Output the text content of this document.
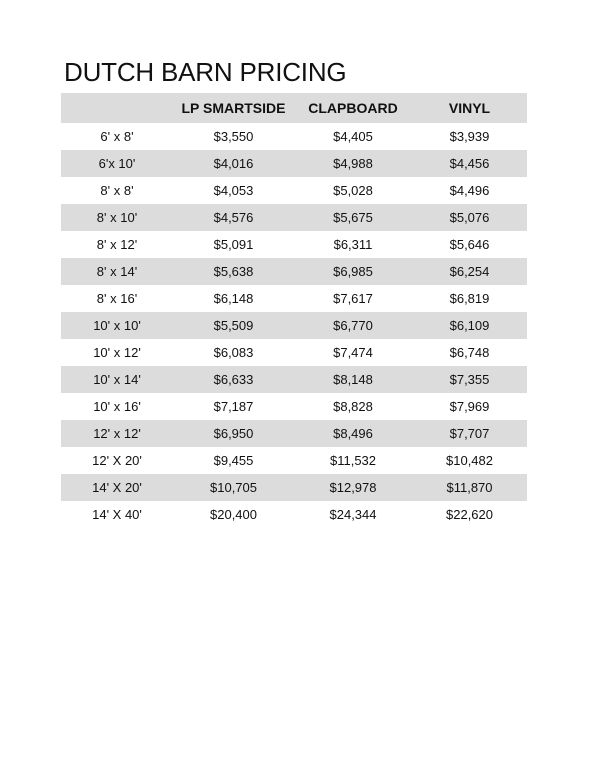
DUTCH BARN PRICING
	LP SMARTSIDE	CLAPBOARD	VINYL
6' x 8'	$3,550	$4,405	$3,939
6'x 10'	$4,016	$4,988	$4,456
8' x 8'	$4,053	$5,028	$4,496
8' x 10'	$4,576	$5,675	$5,076
8' x 12'	$5,091	$6,311	$5,646
8' x 14'	$5,638	$6,985	$6,254
8' x 16'	$6,148	$7,617	$6,819
10' x 10'	$5,509	$6,770	$6,109
10' x 12'	$6,083	$7,474	$6,748
10' x 14'	$6,633	$8,148	$7,355
10' x 16'	$7,187	$8,828	$7,969
12' x 12'	$6,950	$8,496	$7,707
12' X 20'	$9,455	$11,532	$10,482
14' X 20'	$10,705	$12,978	$11,870
14' X 40'	$20,400	$24,344	$22,620
